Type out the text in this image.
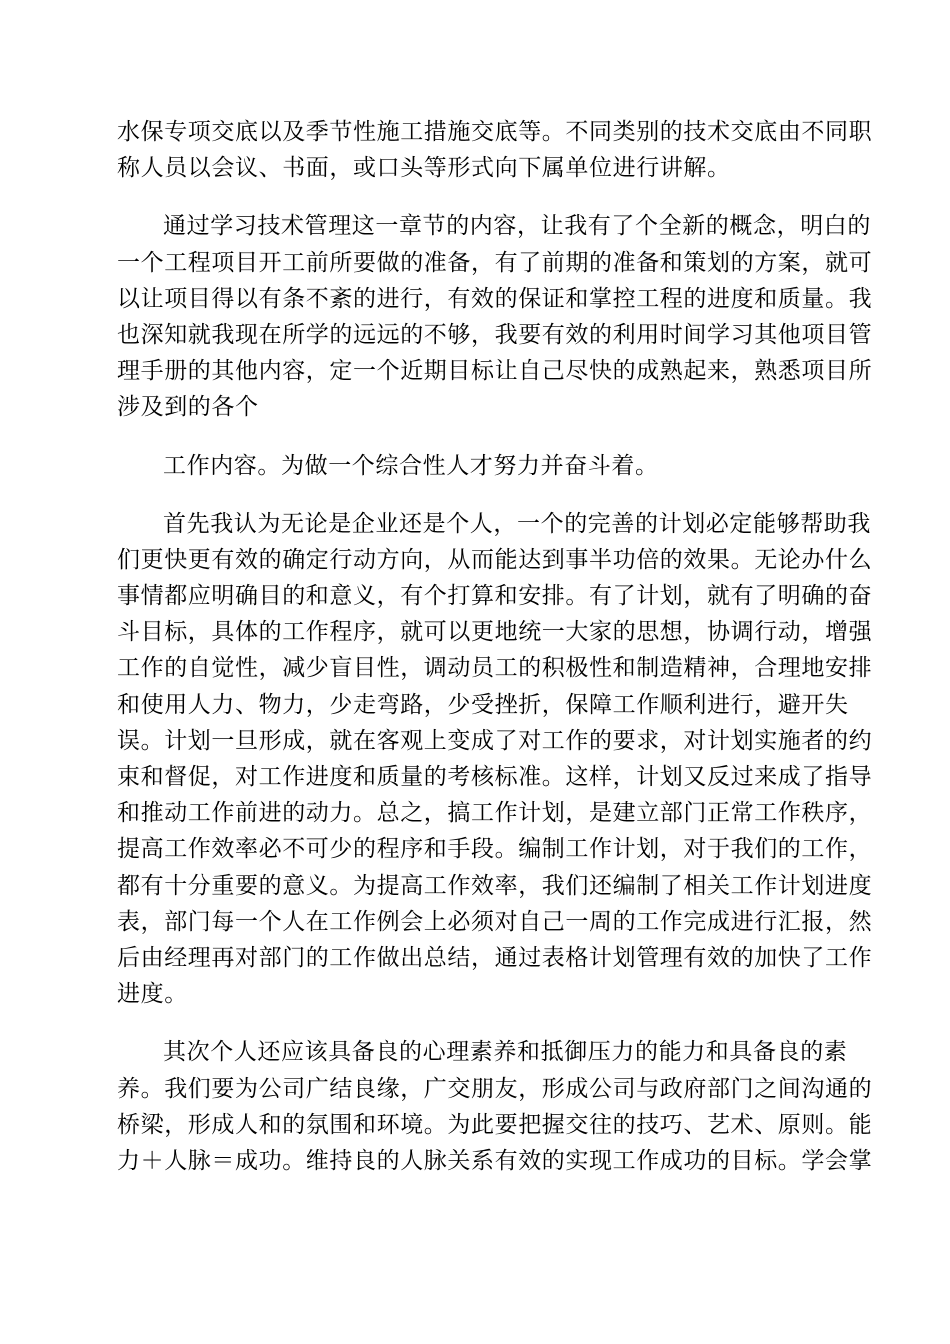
水保专项交底以及季节性施工措施交底等。不同类别的技术交底由不同职
称人员以会议、书面，或口头等形式向下属单位进行讲解。
通过学习技术管理这一章节的内容，让我有了个全新的概念，明白的
一个工程项目开工前所要做的准备，有了前期的准备和策划的方案，就可
以让项目得以有条不紊的进行，有效的保证和掌控工程的进度和质量。我
也深知就我现在所学的远远的不够，我要有效的利用时间学习其他项目管
理手册的其他内容，定一个近期目标让自己尽快的成熟起来，熟悉项目所
涉及到的各个
工作内容。为做一个综合性人才努力并奋斗着。
首先我认为无论是企业还是个人，一个的完善的计划必定能够帮助我
们更快更有效的确定行动方向，从而能达到事半功倍的效果。无论办什么
事情都应明确目的和意义，有个打算和安排。有了计划，就有了明确的奋
斗目标，具体的工作程序，就可以更地统一大家的思想，协调行动，增强
工作的自觉性，减少盲目性，调动员工的积极性和制造精神，合理地安排
和使用人力、物力，少走弯路，少受挫折，保障工作顺利进行，避开失
误。计划一旦形成，就在客观上变成了对工作的要求，对计划实施者的约
束和督促，对工作进度和质量的考核标准。这样，计划又反过来成了指导
和推动工作前进的动力。总之，搞工作计划，是建立部门正常工作秩序，
提高工作效率必不可少的程序和手段。编制工作计划，对于我们的工作，
都有十分重要的意义。为提高工作效率，我们还编制了相关工作计划进度
表，部门每一个人在工作例会上必须对自己一周的工作完成进行汇报，然
后由经理再对部门的工作做出总结，通过表格计划管理有效的加快了工作
进度。
其次个人还应该具备良的心理素养和抵御压力的能力和具备良的素
养。我们要为公司广结良缘，广交朋友，形成公司与政府部门之间沟通的
桥梁，形成人和的氛围和环境。为此要把握交往的技巧、艺术、原则。能
力＋人脉＝成功。维持良的人脉关系有效的实现工作成功的目标。学会掌
